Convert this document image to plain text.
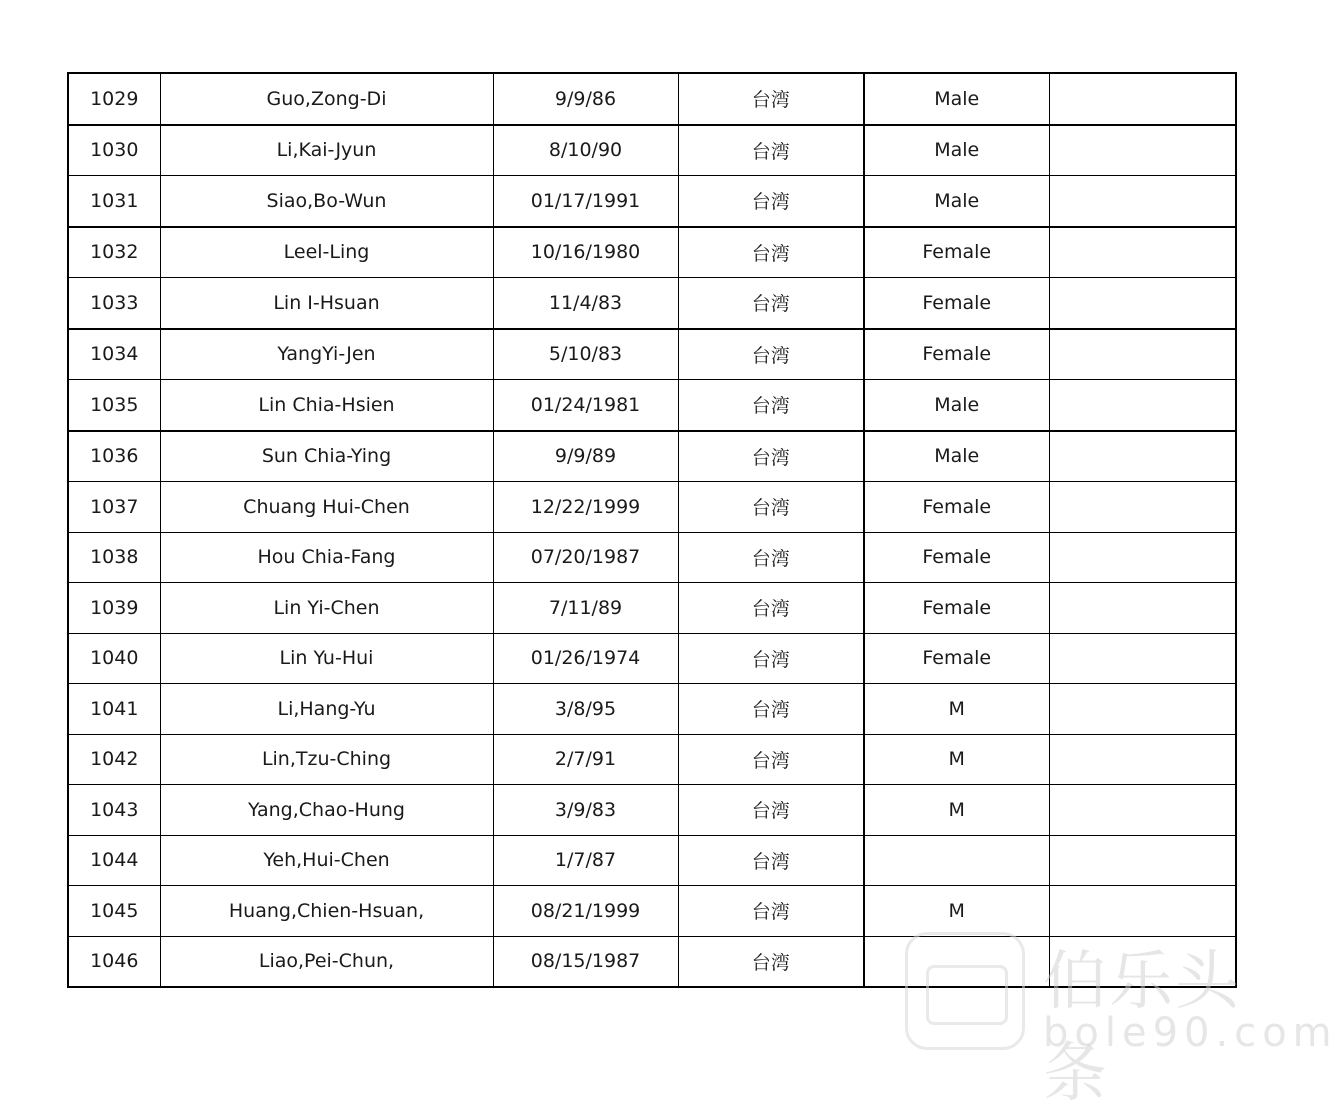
1029	Guo,Zong-Di	9/9/86	台湾	Male	
1030	Li,Kai-Jyun	8/10/90	台湾	Male	
1031	Siao,Bo-Wun	01/17/1991	台湾	Male	
1032	Leel-Ling	10/16/1980	台湾	Female	
1033	Lin I-Hsuan	11/4/83	台湾	Female	
1034	YangYi-Jen	5/10/83	台湾	Female	
1035	Lin Chia-Hsien	01/24/1981	台湾	Male	
1036	Sun Chia-Ying	9/9/89	台湾	Male	
1037	Chuang Hui-Chen	12/22/1999	台湾	Female	
1038	Hou Chia-Fang	07/20/1987	台湾	Female	
1039	Lin Yi-Chen	7/11/89	台湾	Female	
1040	Lin Yu-Hui	01/26/1974	台湾	Female	
1041	Li,Hang-Yu	3/8/95	台湾	M	
1042	Lin,Tzu-Ching	2/7/91	台湾	M	
1043	Yang,Chao-Hung	3/9/83	台湾	M	
1044	Yeh,Hui-Chen	1/7/87	台湾		
1045	Huang,Chien-Hsuan,	08/21/1999	台湾	M	
1046	Liao,Pei-Chun,	08/15/1987	台湾			伯乐头条
bole90.com
